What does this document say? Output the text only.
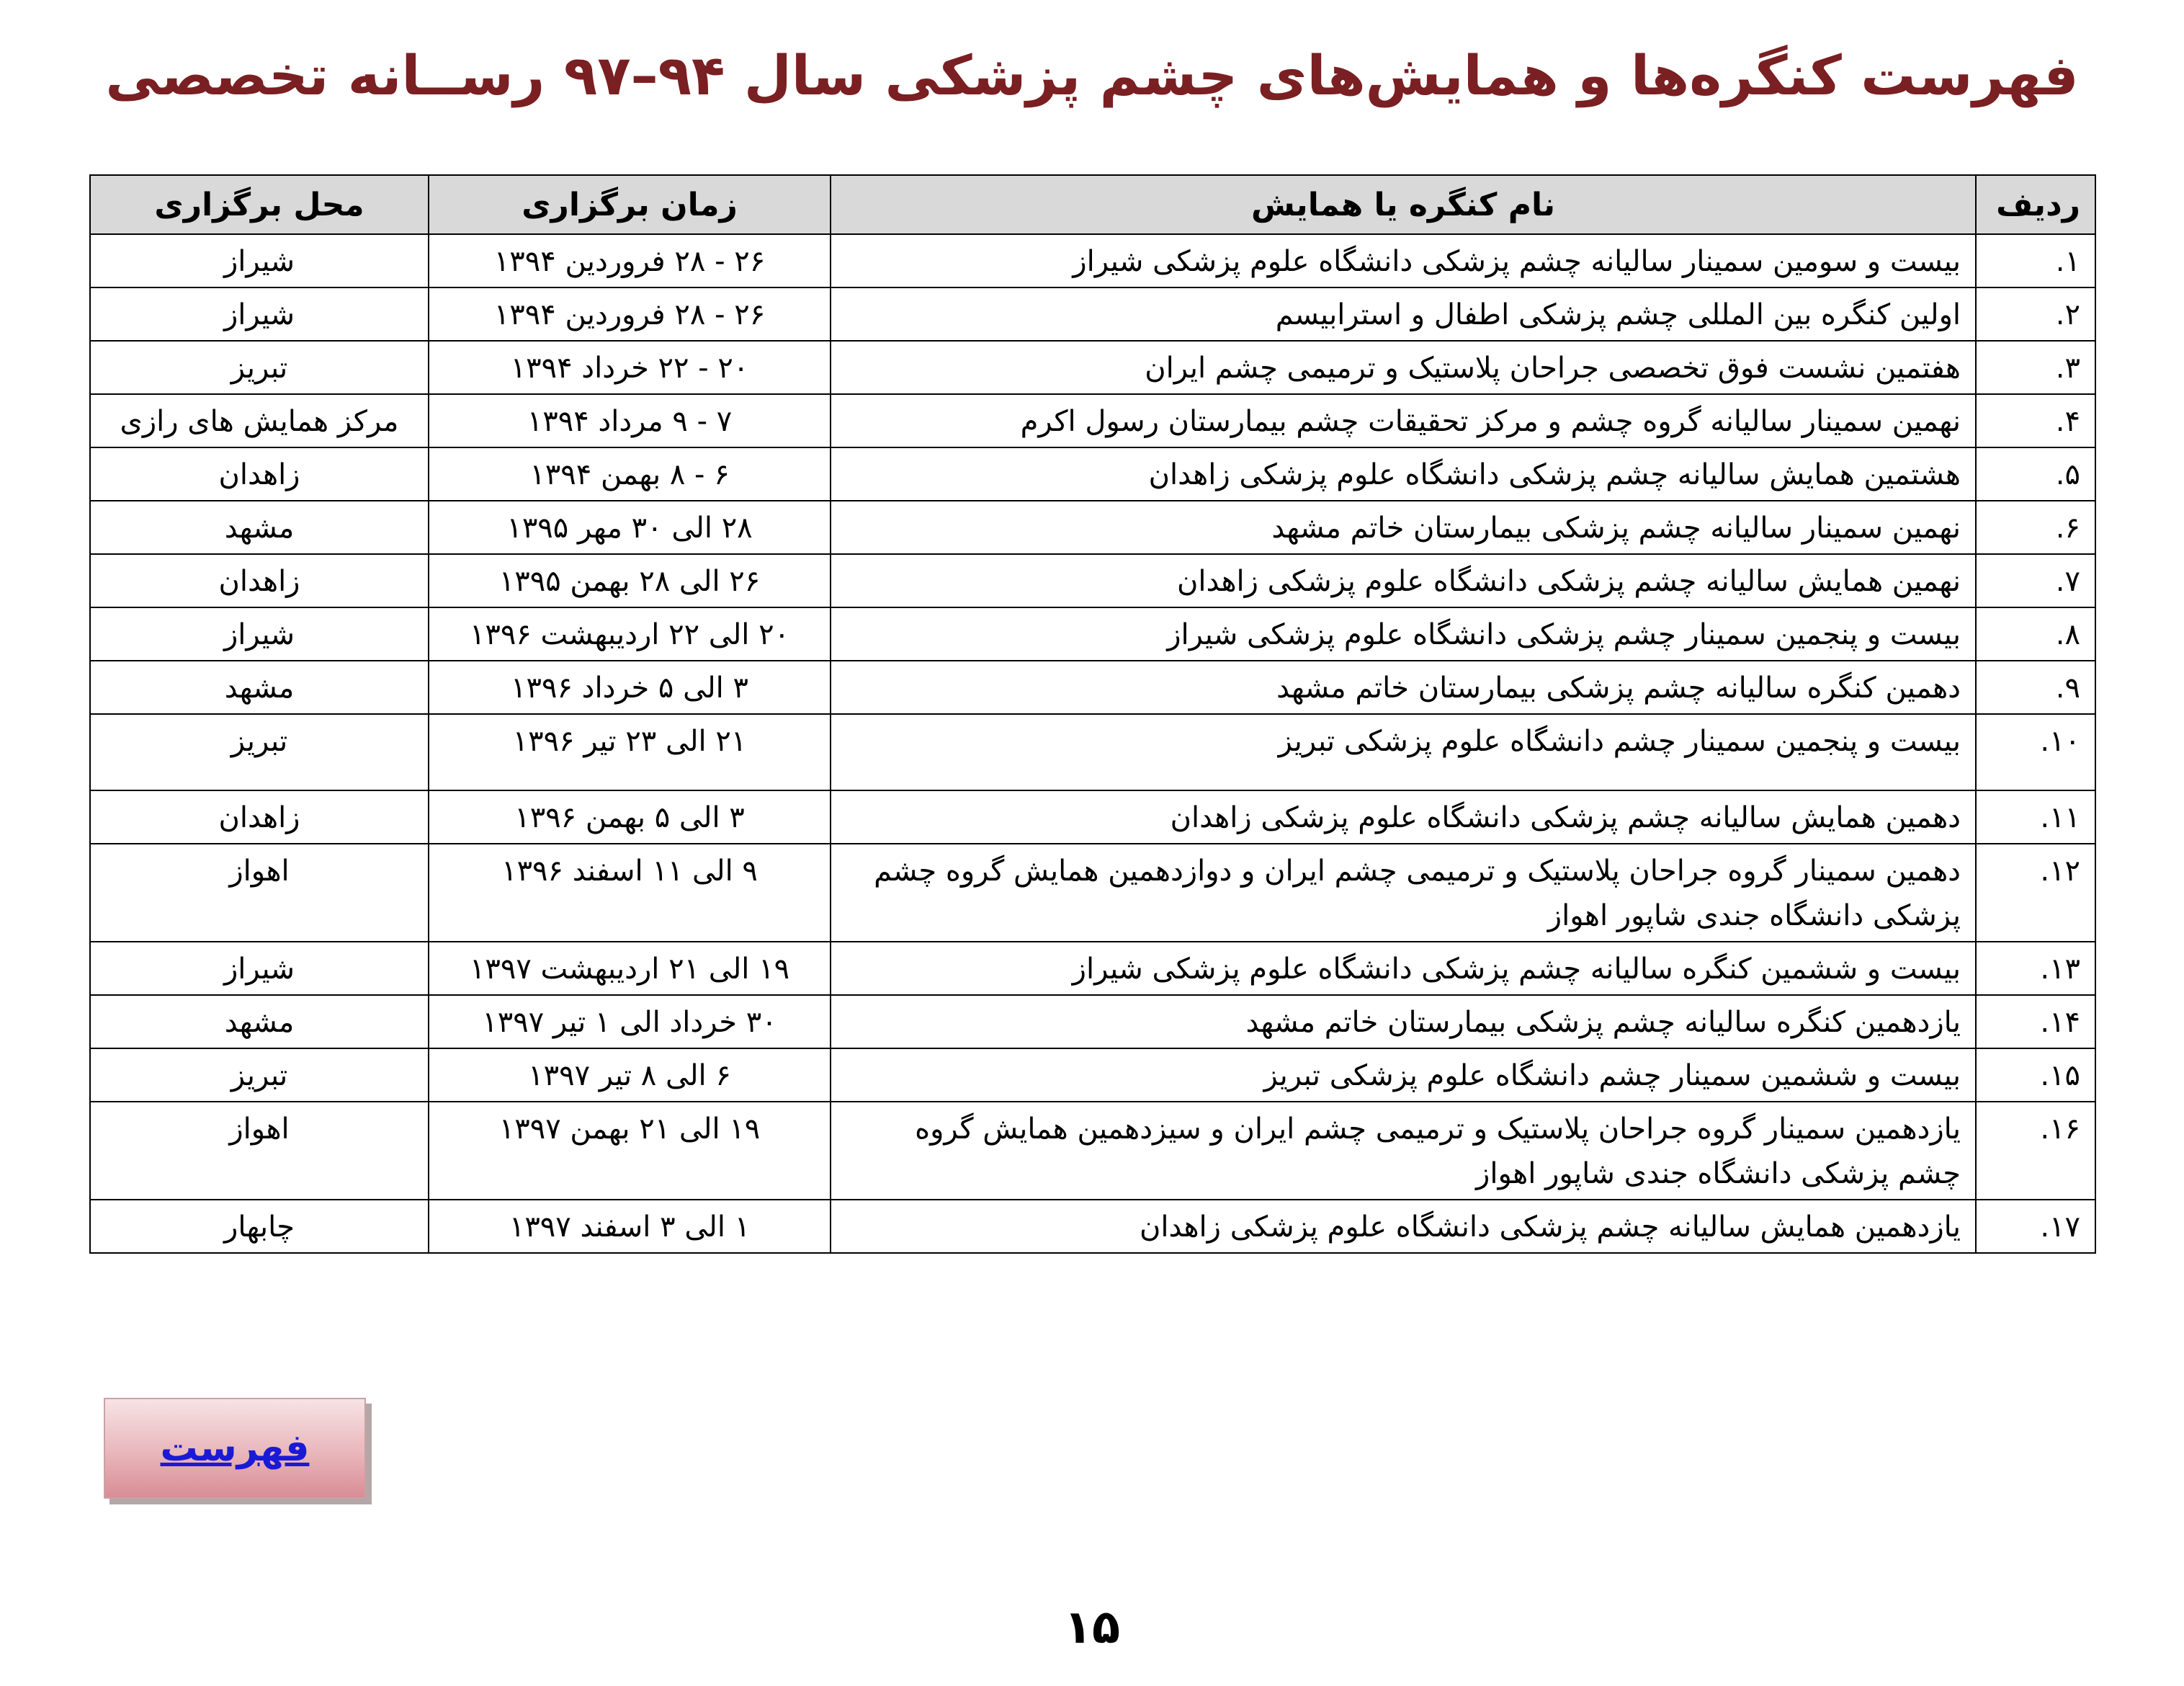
فهرست کنگره‌ها و همایش‌های چشم پزشکی سال ۹۴–۹۷ رســانه تخصصی
ردیف	نام کنگره یا همایش	زمان برگزاری	محل برگزاری
۱.	بیست و سومین سمینار سالیانه چشم پزشکی دانشگاه علوم پزشکی شیراز	۲۶ - ۲۸ فروردین ۱۳۹۴	شیراز
۲.	اولین کنگره بین المللی چشم پزشکی اطفال و استرابیسم	۲۶ - ۲۸ فروردین ۱۳۹۴	شیراز
۳.	هفتمین نشست فوق تخصصی جراحان پلاستیک و ترمیمی چشم ایران	۲۰ - ۲۲ خرداد ۱۳۹۴	تبریز
۴.	نهمین سمینار سالیانه گروه چشم و مرکز تحقیقات چشم بیمارستان رسول اکرم	۷ - ۹ مرداد ۱۳۹۴	مرکز همایش های رازی
۵.	هشتمین همایش سالیانه چشم پزشکی دانشگاه علوم پزشکی زاهدان	۶ - ۸ بهمن ۱۳۹۴	زاهدان
۶.	نهمین سمینار سالیانه چشم پزشکی بیمارستان خاتم مشهد	۲۸ الی ۳۰ مهر ۱۳۹۵	مشهد
۷.	نهمین همایش سالیانه چشم پزشکی دانشگاه علوم پزشکی زاهدان	۲۶ الی ۲۸ بهمن ۱۳۹۵	زاهدان
۸.	بیست و پنجمین سمینار چشم پزشکی دانشگاه علوم پزشکی شیراز	۲۰ الی ۲۲ اردیبهشت ۱۳۹۶	شیراز
۹.	دهمین کنگره سالیانه چشم پزشکی بیمارستان خاتم مشهد	۳ الی ۵ خرداد ۱۳۹۶	مشهد
۱۰.	بیست و پنجمین سمینار چشم دانشگاه علوم پزشکی تبریز	۲۱ الی ۲۳ تیر ۱۳۹۶	تبریز
۱۱.	دهمین همایش سالیانه چشم پزشکی دانشگاه علوم پزشکی زاهدان	۳ الی ۵ بهمن ۱۳۹۶	زاهدان
۱۲.	دهمین سمینار گروه جراحان پلاستیک و ترمیمی چشم ایران و دوازدهمین همایش گروه چشم پزشکی دانشگاه جندی شاپور اهواز	۹ الی ۱۱ اسفند ۱۳۹۶	اهواز
۱۳.	بیست و ششمین کنگره سالیانه چشم پزشکی دانشگاه علوم پزشکی شیراز	۱۹ الی ۲۱ اردیبهشت ۱۳۹۷	شیراز
۱۴.	یازدهمین کنگره سالیانه چشم پزشکی بیمارستان خاتم مشهد	۳۰ خرداد الی ۱ تیر ۱۳۹۷	مشهد
۱۵.	بیست و ششمین سمینار چشم دانشگاه علوم پزشکی تبریز	۶ الی ۸ تیر ۱۳۹۷	تبریز
۱۶.	یازدهمین سمینار گروه جراحان پلاستیک و ترمیمی چشم ایران و سیزدهمین همایش گروه چشم پزشکی دانشگاه جندی شاپور اهواز	۱۹ الی ۲۱ بهمن ۱۳۹۷	اهواز
۱۷.	یازدهمین همایش سالیانه چشم پزشکی دانشگاه علوم پزشکی زاهدان	۱ الی ۳ اسفند ۱۳۹۷	چابهار
فهرست
۱۵
